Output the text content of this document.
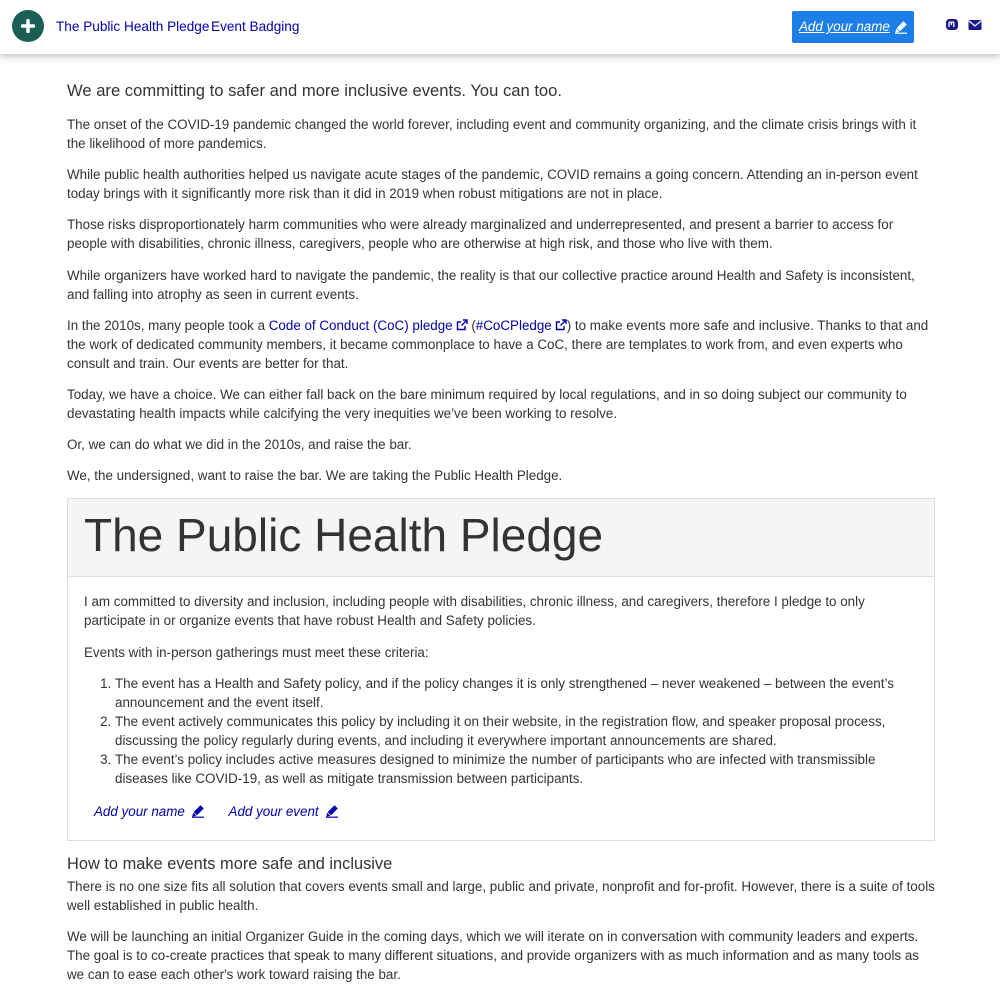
The Public Health Pledge Event Badging	Add your name
We are committing to safer and more inclusive events. You can too.

The onset of the COVID-19 pandemic changed the world forever, including event and community organizing, and the climate crisis brings with it the likelihood of more pandemics.

While public health authorities helped us navigate acute stages of the pandemic, COVID remains a going concern. Attending an in-person event today brings with it significantly more risk than it did in 2019 when robust mitigations are not in place.

Those risks disproportionately harm communities who were already marginalized and underrepresented, and present a barrier to access for people with disabilities, chronic illness, caregivers, people who are otherwise at high risk, and those who live with them.

While organizers have worked hard to navigate the pandemic, the reality is that our collective practice around Health and Safety is inconsistent, and falling into atrophy as seen in current events.

In the 2010s, many people took a Code of Conduct (CoC) pledge (#CoCPledge ) to make events more safe and inclusive. Thanks to that and the work of dedicated community members, it became commonplace to have a CoC, there are templates to work from, and even experts who consult and train. Our events are better for that.

Today, we have a choice. We can either fall back on the bare minimum required by local regulations, and in so doing subject our community to devastating health impacts while calcifying the very inequities we’ve been working to resolve.

Or, we can do what we did in the 2010s, and raise the bar.

We, the undersigned, want to raise the bar. We are taking the Public Health Pledge.

The Public Health Pledge

I am committed to diversity and inclusion, including people with disabilities, chronic illness, and caregivers, therefore I pledge to only participate in or organize events that have robust Health and Safety policies.

Events with in-person gatherings must meet these criteria:

1. The event has a Health and Safety policy, and if the policy changes it is only strengthened – never weakened – between the event’s announcement and the event itself.
2. The event actively communicates this policy by including it on their website, in the registration flow, and speaker proposal process, discussing the policy regularly during events, and including it everywhere important announcements are shared.
3. The event’s policy includes active measures designed to minimize the number of participants who are infected with transmissible diseases like COVID-19, as well as mitigate transmission between participants.
Add your name	Add your event
How to make events more safe and inclusive

There is no one size fits all solution that covers events small and large, public and private, nonprofit and for-profit. However, there is a suite of tools well established in public health.

We will be launching an initial Organizer Guide in the coming days, which we will iterate on in conversation with community leaders and experts. The goal is to co-create practices that speak to many different situations, and provide organizers with as much information and as many tools as we can to ease each other's work toward raising the bar.
